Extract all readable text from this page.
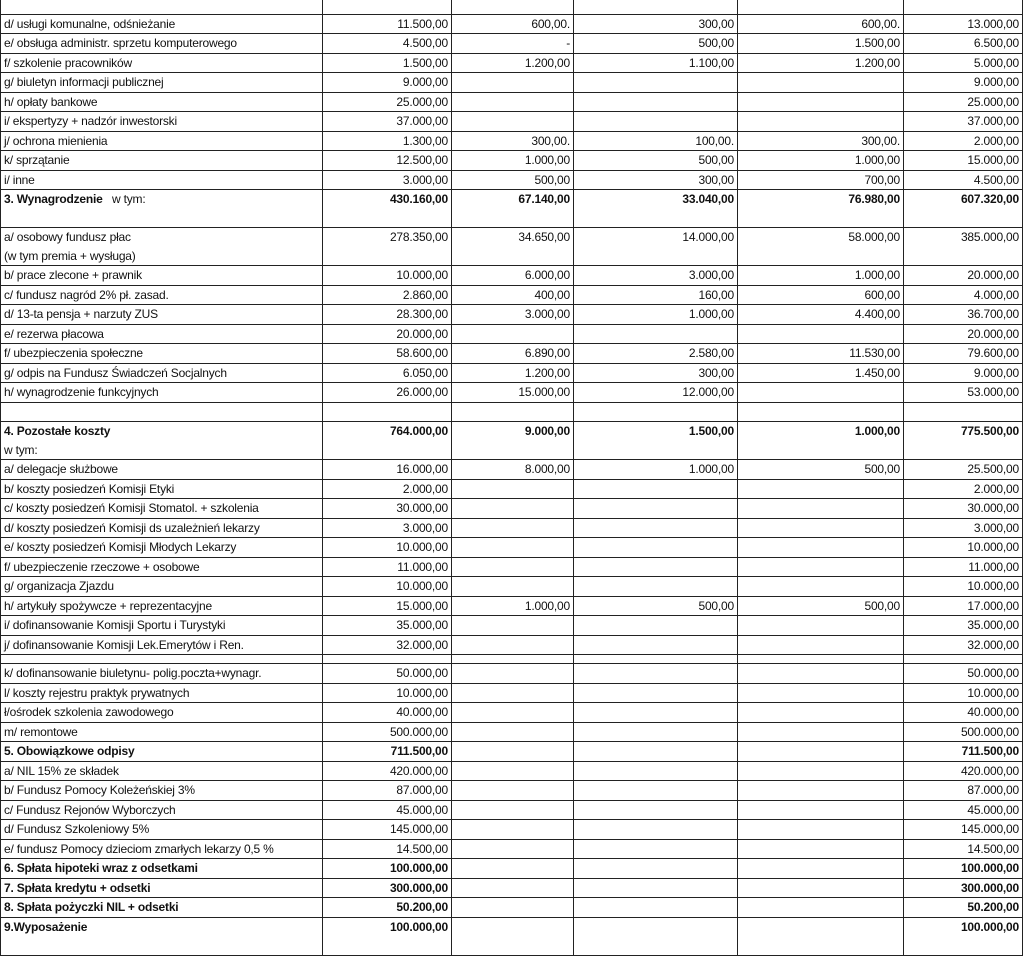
d/ usługi komunalne, odśnieżanie	11.500,00	600,00.	300,00	600,00.	13.000,00
e/ obsługa administr. sprzetu komputerowego	4.500,00	-	500,00	1.500,00	6.500,00
f/ szkolenie pracowników	1.500,00	1.200,00	1.100,00	1.200,00	5.000,00
g/ biuletyn informacji publicznej	9.000,00				9.000,00
h/ opłaty bankowe	25.000,00				25.000,00
i/ ekspertyzy + nadzór inwestorski	37.000,00				37.000,00
j/ ochrona mienienia	1.300,00	300,00.	100,00.	300,00.	2.000,00
k/ sprzątanie	12.500,00	1.000,00	500,00	1.000,00	15.000,00
i/ inne	3.000,00	500,00	300,00	700,00	4.500,00

3. Wynagrodzenie   w tym:	430.160,00	67.140,00	33.040,00	76.980,00	607.320,00

a/ osobowy fundusz płac
(w tym premia + wysługa)	278.350,00	34.650,00	14.000,00	58.000,00	385.000,00
b/ prace zlecone + prawnik	10.000,00	6.000,00	3.000,00	1.000,00	20.000,00
c/ fundusz nagród 2% pł. zasad.	2.860,00	400,00	160,00	600,00	4.000,00
d/ 13-ta pensja + narzuty ZUS	28.300,00	3.000,00	1.000,00	4.400,00	36.700,00
e/ rezerwa płacowa	20.000,00				20.000,00
f/ ubezpieczenia społeczne	58.600,00	6.890,00	2.580,00	11.530,00	79.600,00
g/ odpis na Fundusz Świadczeń Socjalnych	6.050,00	1.200,00	300,00	1.450,00	9.000,00
h/ wynagrodzenie funkcyjnych	26.000,00	15.000,00	12.000,00		53.000,00

4. Pozostałe koszty
w tym:	764.000,00	9.000,00	1.500,00	1.000,00	775.500,00
a/ delegacje służbowe	16.000,00	8.000,00	1.000,00	500,00	25.500,00
b/ koszty posiedzeń Komisji Etyki	2.000,00				2.000,00
c/ koszty posiedzeń Komisji Stomatol. + szkolenia	30.000,00				30.000,00
d/ koszty posiedzeń Komisji ds uzależnień lekarzy	3.000,00				3.000,00
e/ koszty posiedzeń Komisji Młodych Lekarzy	10.000,00				10.000,00
f/ ubezpieczenie rzeczowe + osobowe	11.000,00				11.000,00
g/ organizacja Zjazdu	10.000,00				10.000,00
h/ artykuły spożywcze + reprezentacyjne	15.000,00	1.000,00	500,00	500,00	17.000,00
i/ dofinansowanie Komisji Sportu i Turystyki	35.000,00				35.000,00
j/ dofinansowanie Komisji Lek.Emerytów i Ren.	32.000,00				32.000,00

k/ dofinansowanie biuletynu- polig.poczta+wynagr.	50.000,00				50.000,00
l/ koszty rejestru praktyk prywatnych	10.000,00				10.000,00
ł/ośrodek szkolenia zawodowego	40.000,00				40.000,00
m/ remontowe	500.000,00				500.000,00
5. Obowiązkowe odpisy	711.500,00				711.500,00
a/ NIL 15% ze składek	420.000,00				420.000,00
b/ Fundusz Pomocy Koleżeńskiej 3%	87.000,00				87.000,00
c/ Fundusz Rejonów Wyborczych	45.000,00				45.000,00
d/ Fundusz Szkoleniowy 5%	145.000,00				145.000,00
e/ fundusz Pomocy dzieciom zmarłych lekarzy 0,5 %	14.500,00				14.500,00
6. Spłata hipoteki wraz z odsetkami	100.000,00				100.000,00
7. Spłata kredytu + odsetki	300.000,00				300.000,00
8. Spłata pożyczki NIL + odsetki	50.200,00				50.200,00

9.Wyposażenie	100.000,00				100.000,00
